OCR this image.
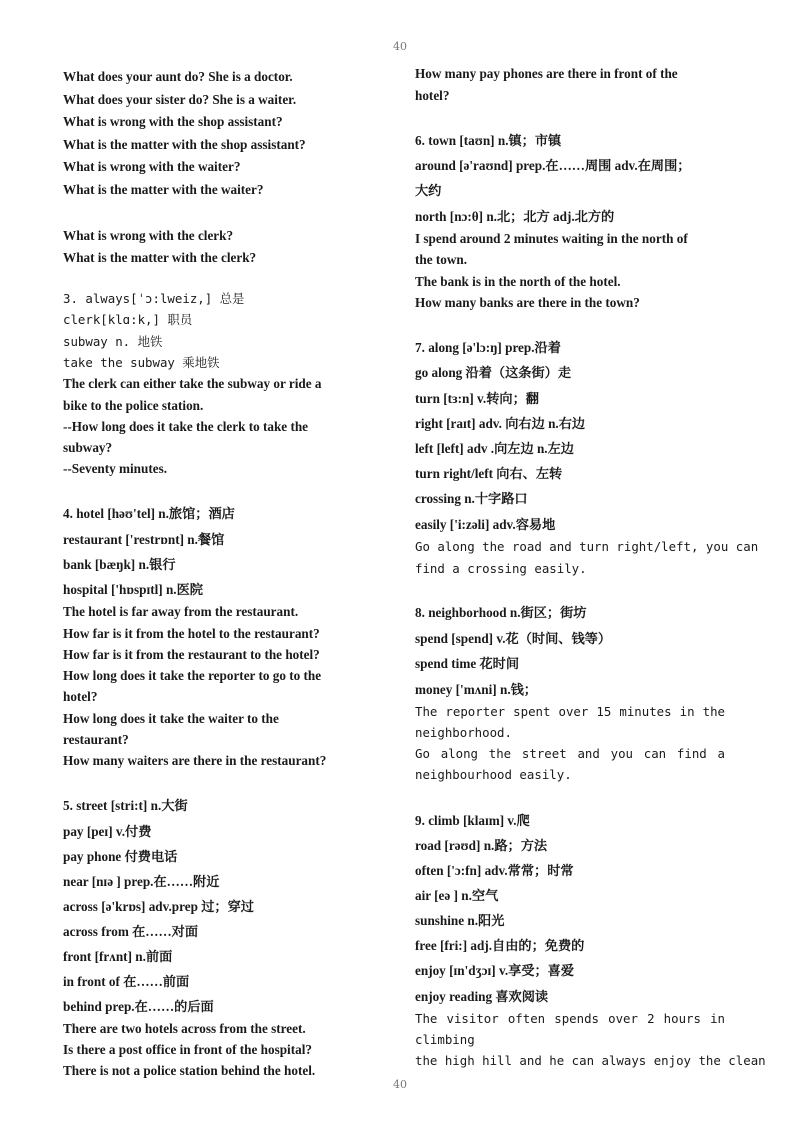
40
What does your aunt do? She is a doctor.
What does your sister do? She is a waiter.
What is wrong with the shop assistant?
What is the matter with the shop assistant?
What is wrong with the waiter?
What is the matter with the waiter?
What is wrong with the clerk?
What is the matter with the clerk?
3. always[ˈɔ:lweiz,] 总是
clerk[klɑ:k,] 职员
subway n. 地铁
take the subway 乘地铁
The clerk can either take the subway or ride a
bike to the police station.
--How long does it take the clerk to take the
subway?
--Seventy minutes.
4. hotel [həʊ'tel] n.旅馆；酒店
restaurant ['restrɒnt] n.餐馆
bank [bæŋk] n.银行
hospital ['hɒspɪtl] n.医院
The hotel is far away from the restaurant.
How far is it from the hotel to the restaurant?
How far is it from the restaurant to the hotel?
How long does it take the reporter to go to the
hotel?
How long does it take the waiter to the
restaurant?
How many waiters are there in the restaurant?
5. street [stri:t] n.大街
pay [peɪ] v.付费
pay phone 付费电话
near [nɪə ] prep.在……附近
across [ə'krɒs] adv.prep 过；穿过
across from 在……对面
front [frʌnt] n.前面
in front of 在……前面
behind prep.在……的后面
There are two hotels across from the street.
Is there a post office in front of the hospital?
There is not a police station behind the hotel.
How many pay phones are there in front of the
hotel?
6. town [taʊn] n.镇；市镇
around [ə'raʊnd] prep.在……周围 adv.在周围；
大约
north [nɔ:θ] n.北；北方 adj.北方的
I spend around 2 minutes waiting in the north of
the town.
The bank is in the north of the hotel.
How many banks are there in the town?
7. along [ə'lɔ:ŋ] prep.沿着
go along 沿着（这条街）走
turn [tɜ:n] v.转向；翻
right [raɪt] adv. 向右边 n.右边
left [left] adv .向左边 n.左边
turn right/left 向右、左转
crossing n.十字路口
easily ['i:zəli] adv.容易地
Go along the road and turn right/left, you can
find a crossing easily.
8. neighborhood n.街区；街坊
spend [spend] v.花（时间、钱等）
spend time 花时间
money ['mʌni] n.钱；
The reporter spent over 15 minutes in the
neighborhood.
Go along the street and you can find a
neighbourhood easily.
9. climb [klaɪm] v.爬
road [rəʊd] n.路；方法
often ['ɔ:fn] adv.常常；时常
air [eə ] n.空气
sunshine n.阳光
free [fri:] adj.自由的；免费的
enjoy [ɪn'dʒɔɪ] v.享受；喜爱
enjoy reading 喜欢阅读
The visitor often spends over 2 hours in
climbing
the high hill and he can always enjoy the clean
40
